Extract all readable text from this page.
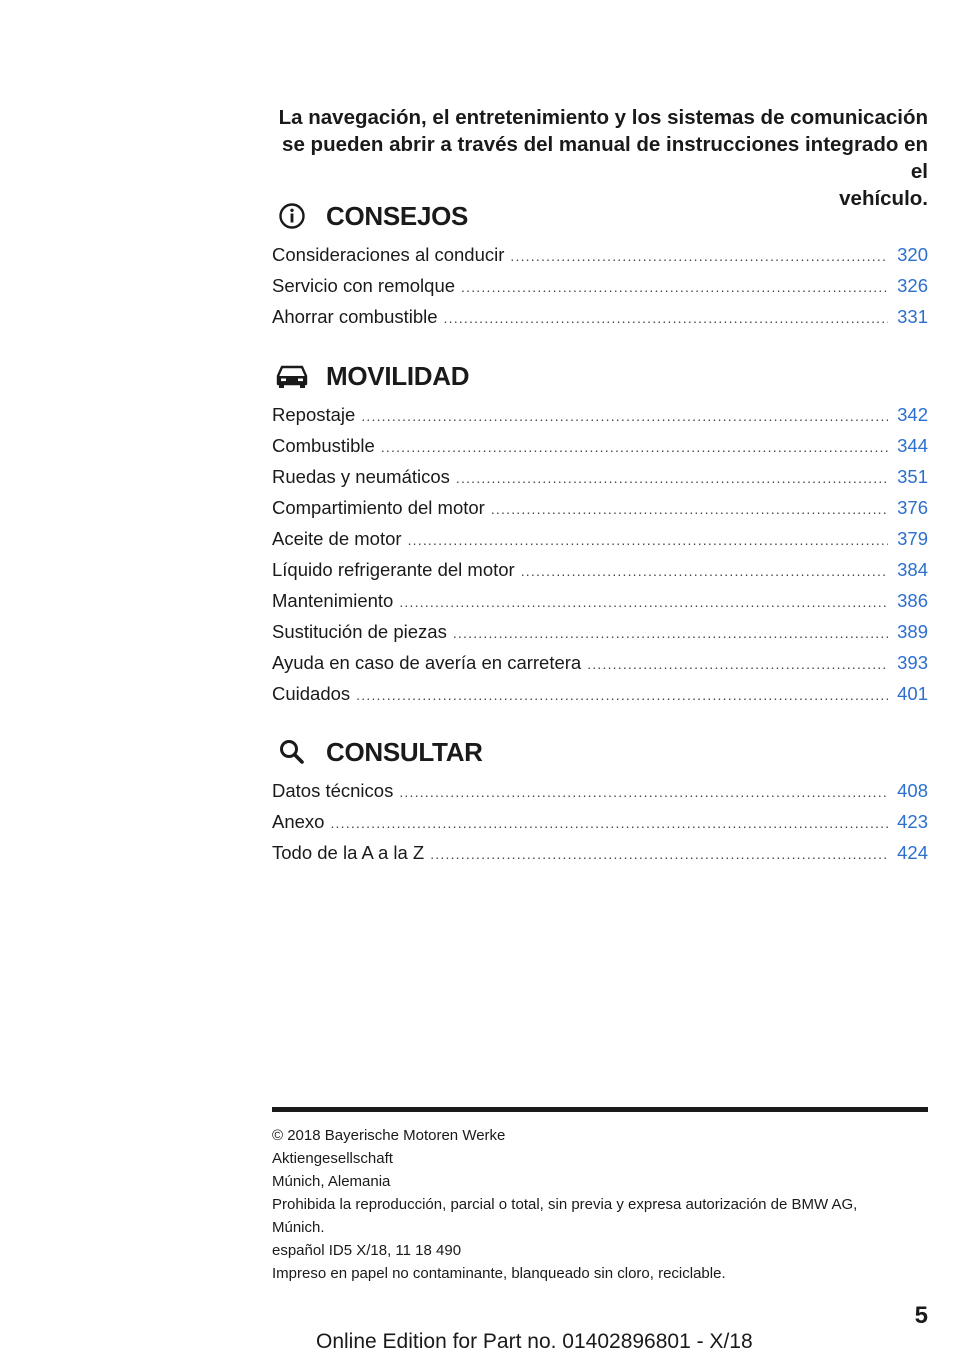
La navegación, el entretenimiento y los sistemas de comunicación
se pueden abrir a través del manual de instrucciones integrado en el
vehículo.
CONSEJOS
Consideraciones al conducir .....	320
Servicio con remolque .....	326
Ahorrar combustible .....	331
MOVILIDAD
Repostaje .....	342
Combustible .....	344
Ruedas y neumáticos .....	351
Compartimiento del motor .....	376
Aceite de motor .....	379
Líquido refrigerante del motor .....	384
Mantenimiento .....	386
Sustitución de piezas .....	389
Ayuda en caso de avería en carretera .....	393
Cuidados .....	401
CONSULTAR
Datos técnicos .....	408
Anexo .....	423
Todo de la A a la Z .....	424
© 2018 Bayerische Motoren Werke
Aktiengesellschaft
Múnich, Alemania
Prohibida la reproducción, parcial o total, sin previa y expresa autorización de BMW AG,
Múnich.
español ID5 X/18, 11 18 490
Impreso en papel no contaminante, blanqueado sin cloro, reciclable.
5
Online Edition for Part no. 01402896801 - X/18
